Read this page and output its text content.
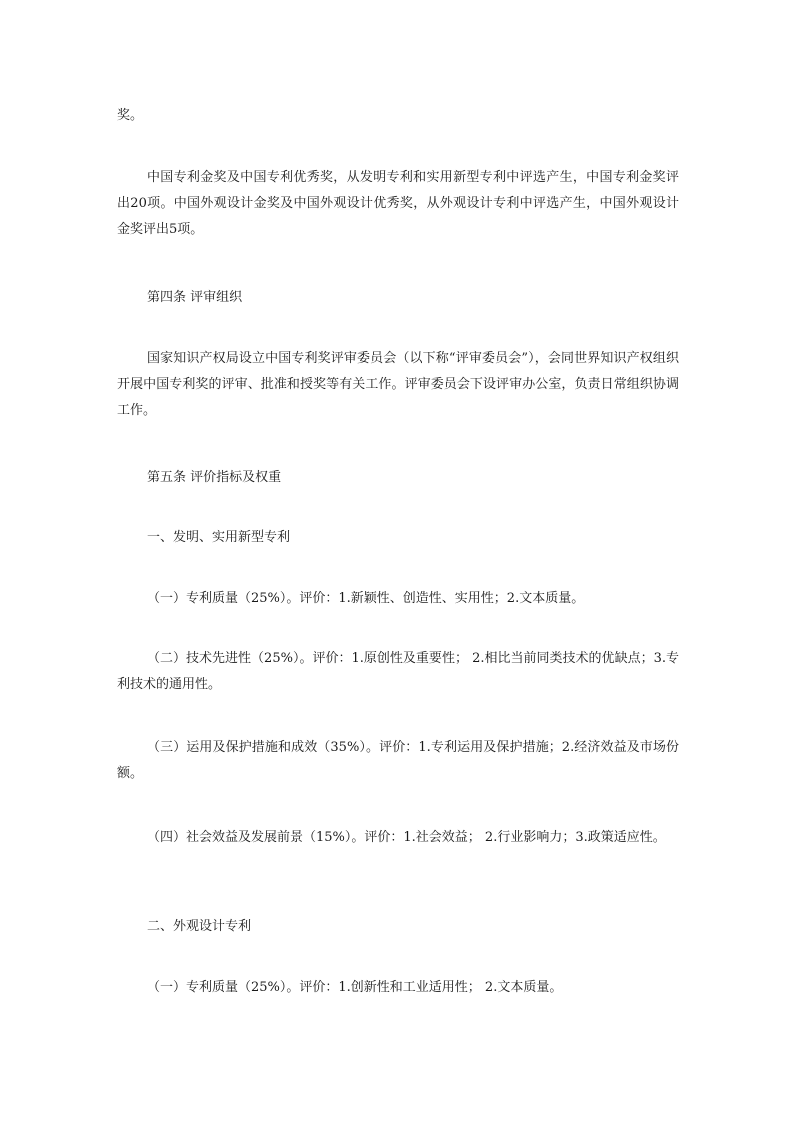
奖。

中国专利金奖及中国专利优秀奖，从发明专利和实用新型专利中评选产生，中国专利金奖评出20项。中国外观设计金奖及中国外观设计优秀奖，从外观设计专利中评选产生，中国外观设计金奖评出5项。

第四条 评审组织

国家知识产权局设立中国专利奖评审委员会（以下称“评审委员会”），会同世界知识产权组织开展中国专利奖的评审、批准和授奖等有关工作。评审委员会下设评审办公室，负责日常组织协调工作。

第五条 评价指标及权重

一、发明、实用新型专利

（一）专利质量（25%）。评价：1.新颖性、创造性、实用性；2.文本质量。

（二）技术先进性（25%）。评价：1.原创性及重要性； 2.相比当前同类技术的优缺点；3.专利技术的通用性。

（三）运用及保护措施和成效（35%）。评价：1.专利运用及保护措施；2.经济效益及市场份额。

（四）社会效益及发展前景（15%）。评价：1.社会效益； 2.行业影响力；3.政策适应性。

二、外观设计专利

（一）专利质量（25%）。评价：1.创新性和工业适用性； 2.文本质量。
